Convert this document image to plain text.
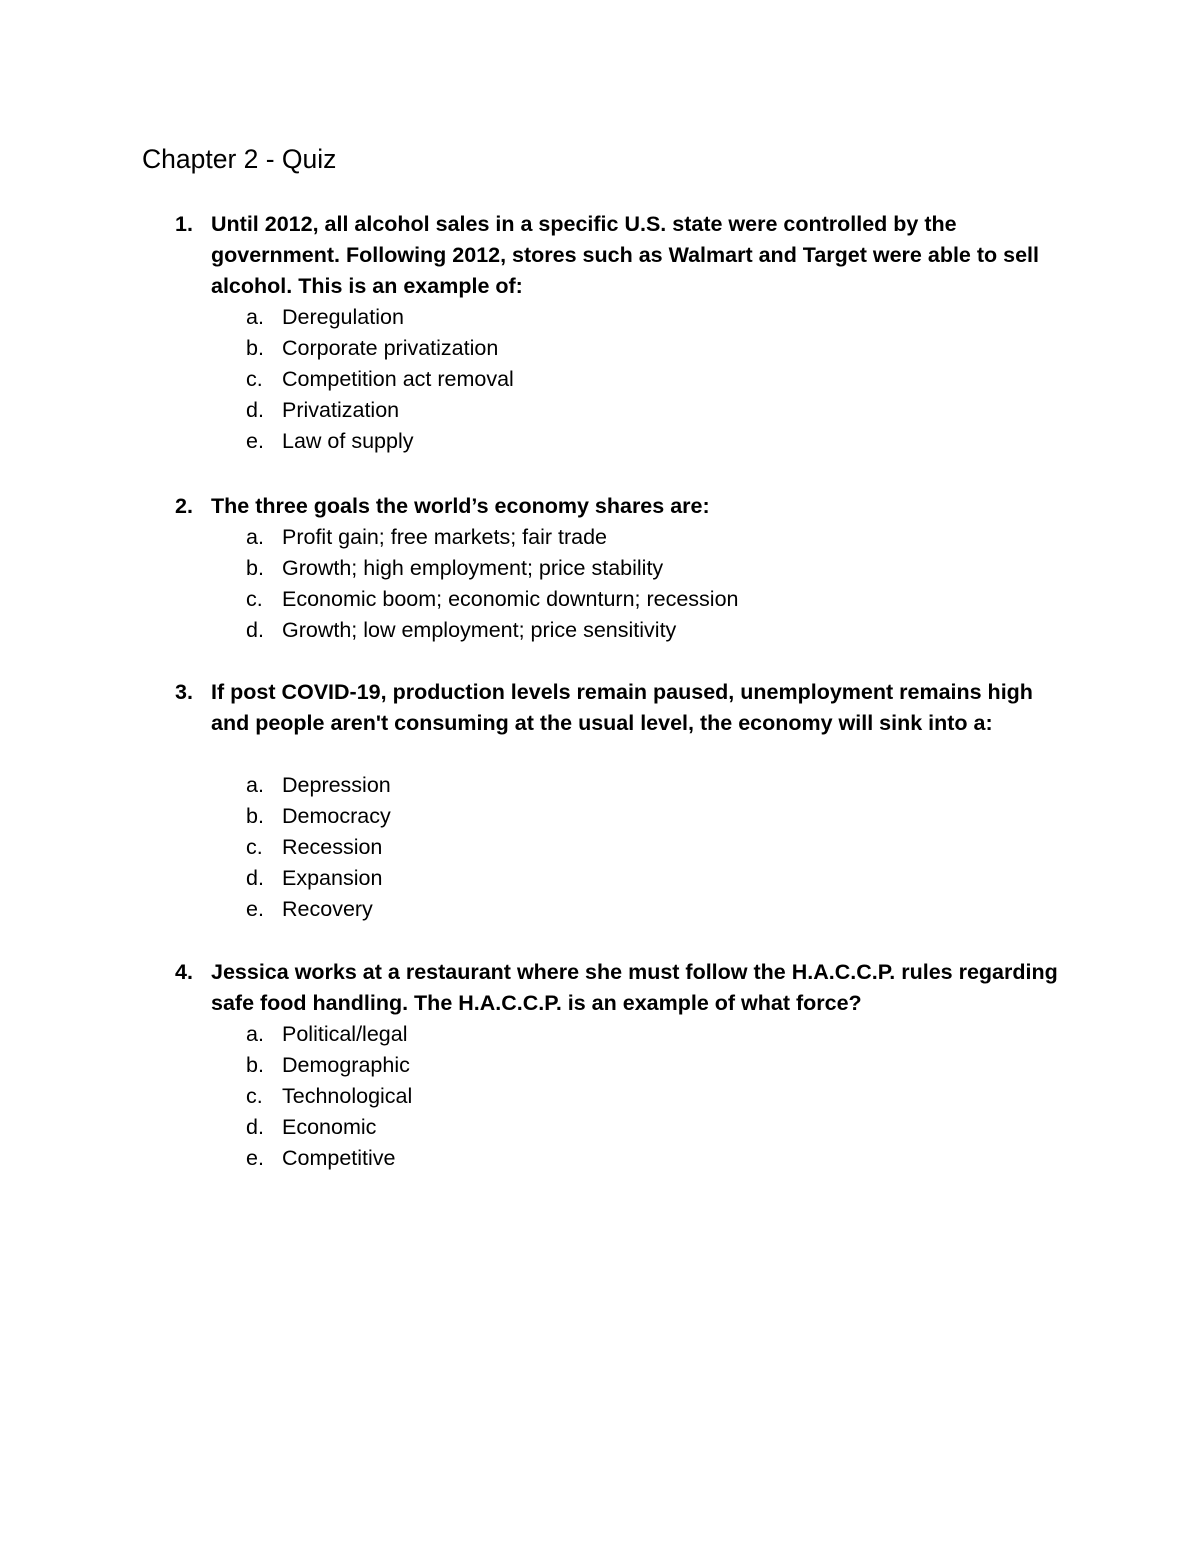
Chapter 2 - Quiz
1. Until 2012, all alcohol sales in a specific U.S. state were controlled by the government. Following 2012, stores such as Walmart and Target were able to sell alcohol. This is an example of:

a. Deregulation
b. Corporate privatization
c. Competition act removal
d. Privatization
e. Law of supply
2. The three goals the world’s economy shares are:

a. Profit gain; free markets; fair trade
b. Growth; high employment; price stability
c. Economic boom; economic downturn; recession
d. Growth; low employment; price sensitivity
3. If post COVID-19, production levels remain paused, unemployment remains high and people aren't consuming at the usual level, the economy will sink into a:

a. Depression
b. Democracy
c. Recession
d. Expansion
e. Recovery
4. Jessica works at a restaurant where she must follow the H.A.C.C.P. rules regarding safe food handling. The H.A.C.C.P. is an example of what force?

a. Political/legal
b. Demographic
c. Technological
d. Economic
e. Competitive
